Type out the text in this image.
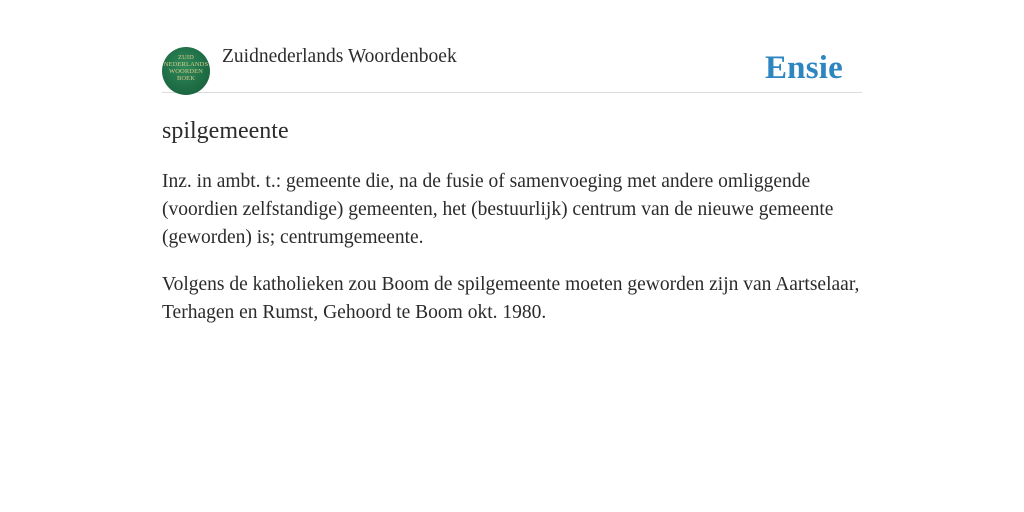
ZUID
NEDERLANDS
WOORDEN
BOEK
Zuidnederlands Woordenboek	Ensie
spilgemeente

Inz. in ambt. t.: gemeente die, na de fusie of samenvoeging met andere omliggende (voordien zelfstandige) gemeenten, het (bestuurlijk) centrum van de nieuwe gemeente (geworden) is; centrumgemeente.

Volgens de katholieken zou Boom de spilgemeente moeten geworden zijn van Aartselaar, Terhagen en Rumst, Gehoord te Boom okt. 1980.
